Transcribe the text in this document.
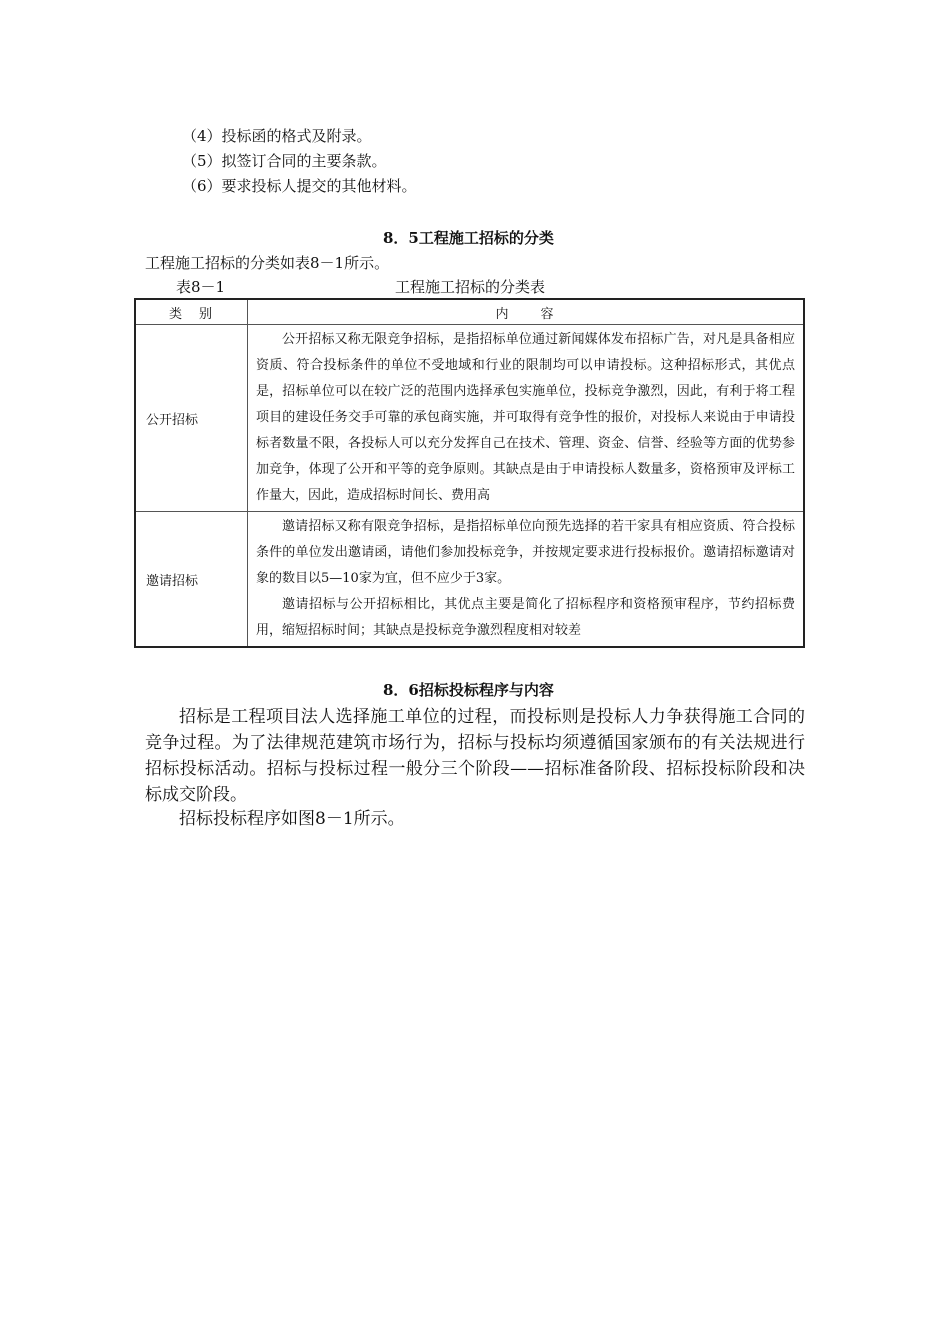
（4）投标函的格式及附录。
（5）拟签订合同的主要条款。
（6）要求投标人提交的其他材料。
8．5工程施工招标的分类
工程施工招标的分类如表8－1所示。
表8－1	工程施工招标的分类表
类　别	内　　容
公开招标	公开招标又称无限竞争招标，是指招标单位通过新闻媒体发布招标广告，对凡是具备相应资质、符合投标条件的单位不受地域和行业的限制均可以申请投标。这种招标形式，其优点是，招标单位可以在较广泛的范围内选择承包实施单位，投标竞争激烈，因此，有利于将工程项目的建设任务交手可靠的承包商实施，并可取得有竞争性的报价，对投标人来说由于申请投标者数量不限，各投标人可以充分发挥自己在技术、管理、资金、信誉、经验等方面的优势参加竞争，体现了公开和平等的竞争原则。其缺点是由于申请投标人数量多，资格预审及评标工作量大，因此，造成招标时间长、费用高

邀请招标	邀请招标又称有限竞争招标，是指招标单位向预先选择的若干家具有相应资质、符合投标条件的单位发出邀请函，请他们参加投标竞争，并按规定要求进行投标报价。邀请招标邀请对象的数目以5—10家为宜，但不应少于3家。

邀请招标与公开招标相比，其优点主要是简化了招标程序和资格预审程序，节约招标费用，缩短招标时间；其缺点是投标竞争激烈程度相对较差

8．6招标投标程序与内容
招标是工程项目法人选择施工单位的过程，而投标则是投标人力争获得施工合同的竞争过程。为了法律规范建筑市场行为，招标与投标均须遵循国家颁布的有关法规进行招标投标活动。招标与投标过程一般分三个阶段——招标准备阶段、招标投标阶段和决标成交阶段。
招标投标程序如图8－1所示。
